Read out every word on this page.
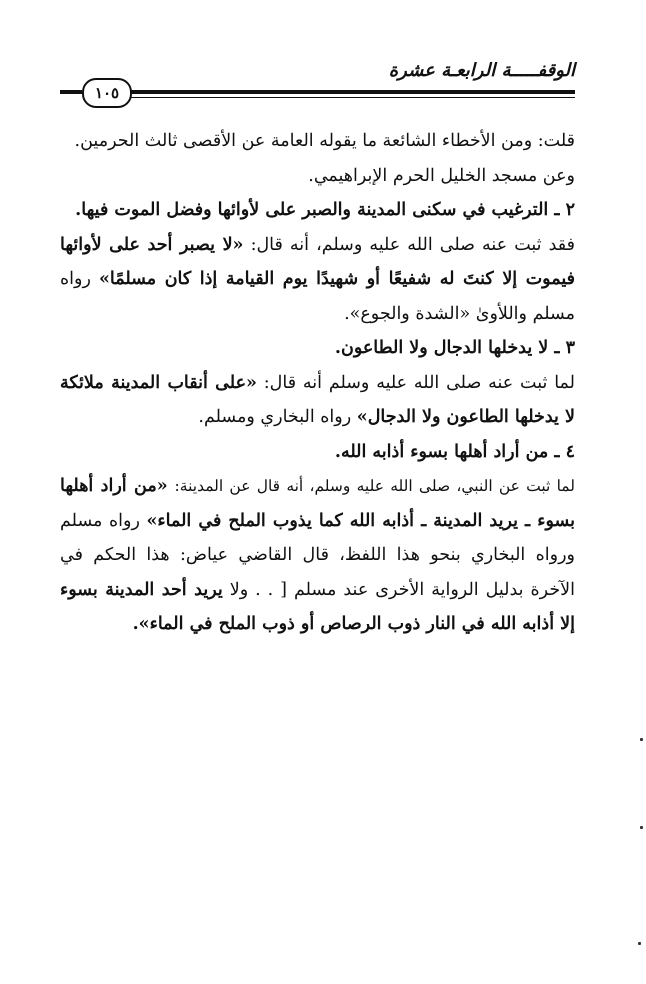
الوقفـــــة الرابعـة عشرة
١٠٥

قلت: ومن الأخطاء الشائعة ما يقوله العامة عن الأقصى ثالث الحرمين.

وعن مسجد الخليل الحرم الإبراهيمي.

٢ ـ الترغيب في سكنى المدينة والصبر على لأوائها وفضل الموت فيها.

فقد ثبت عنه صلى الله عليه وسلم، أنه قال: «لا يصبر أحد على لأوائها فيموت إلا كنتَ له شفيعًا أو شهيدًا يوم القيامة إذا كان مسلمًا» رواه مسلم واللأوىٰ «الشدة والجوع».

٣ ـ لا يدخلها الدجال ولا الطاعون.

لما ثبت عنه صلى الله عليه وسلم أنه قال: «على أنقاب المدينة ملائكة لا يدخلها الطاعون ولا الدجال» رواه البخاري ومسلم.

٤ ـ من أراد أهلها بسوء أذابه الله.

لما ثبت عن النبي، صلى الله عليه وسلم، أنه قال عن المدينة: «من أراد أهلها بسوء ـ يريد المدينة ـ أذابه الله كما يذوب الملح في الماء» رواه مسلم ورواه البخاري بنحو هذا اللفظ، قال القاضي عياض: هذا الحكم في الآخرة بدليل الرواية الأخرى عند مسلم [ . . ولا يريد أحد المدينة بسوء إلا أذابه الله في النار ذوب الرصاص أو ذوب الملح في الماء».
